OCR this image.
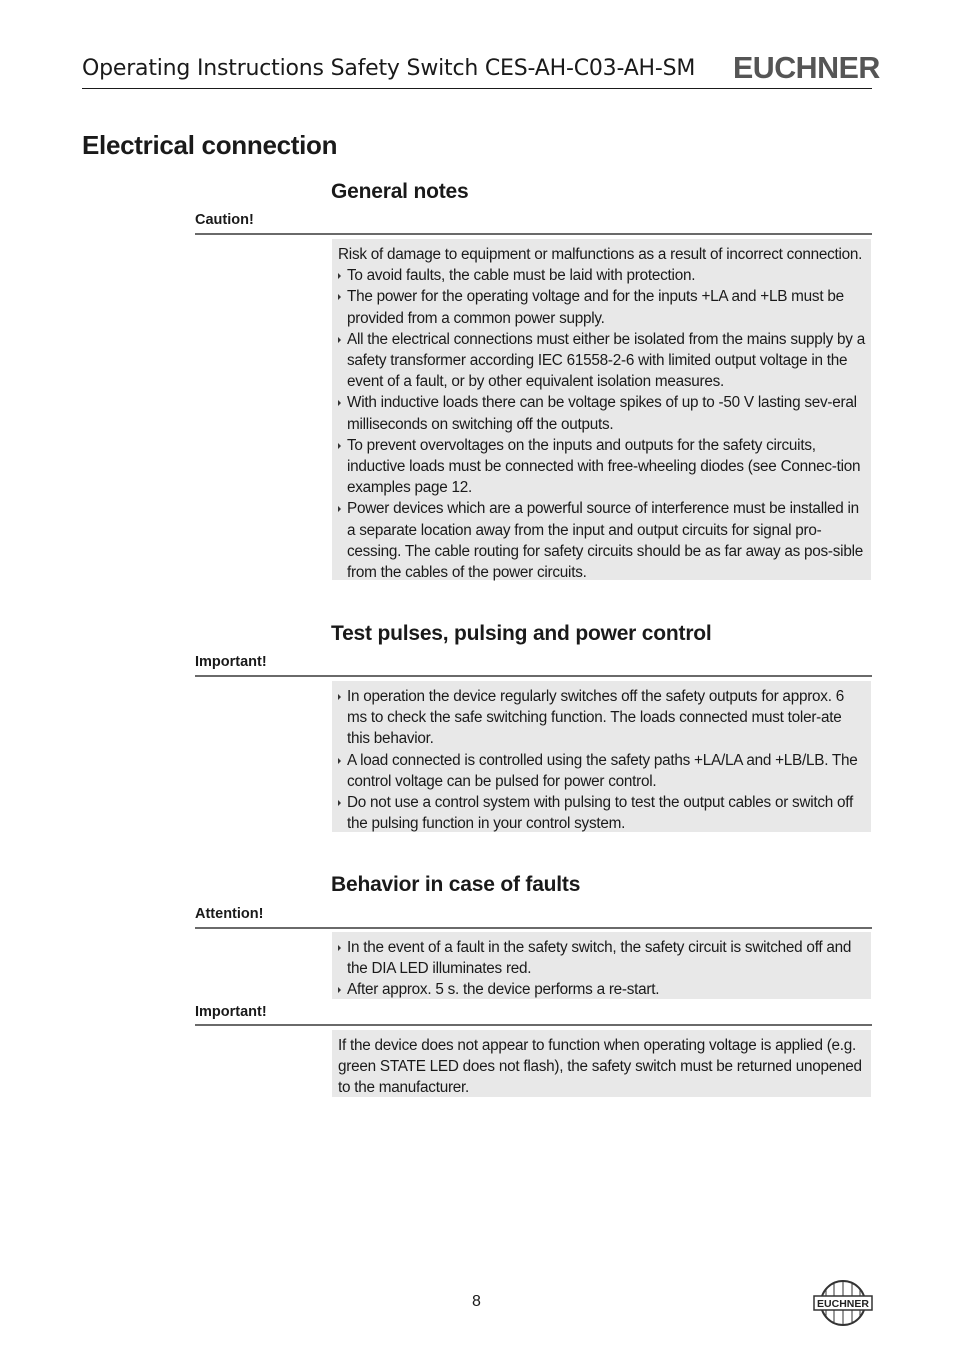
Operating Instructions Safety Switch CES-AH-C03-AH-SM EUCHNER
Electrical connection
General notes
Caution!

Risk of damage to equipment or malfunctions as a result of incorrect connection.

To avoid faults, the cable must be laid with protection.
The power for the operating voltage and for the inputs +LA and +LB must be provided from a common power supply.
All the electrical connections must either be isolated from the mains supply by a safety transformer according IEC 61558-2-6 with limited output voltage in the event of a fault, or by other equivalent isolation measures.
With inductive loads there can be voltage spikes of up to -50 V lasting sev-eral milliseconds on switching off the outputs.
To prevent overvoltages on the inputs and outputs for the safety circuits, inductive loads must be connected with free-wheeling diodes (see Connec-tion examples page 12.
Power devices which are a powerful source of interference must be installed in a separate location away from the input and output circuits for signal pro-cessing. The cable routing for safety circuits should be as far away as pos-sible from the cables of the power circuits.
Test pulses, pulsing and power control
Important!
In operation the device regularly switches off the safety outputs for approx. 6 ms to check the safe switching function. The loads connected must toler-ate this behavior.
A load connected is controlled using the safety paths +LA/LA and +LB/LB. The control voltage can be pulsed for power control.
Do not use a control system with pulsing to test the output cables or switch off the pulsing function in your control system.
Behavior in case of faults
Attention!
In the event of a fault in the safety switch, the safety circuit is switched off and the DIA LED illuminates red.
After approx. 5 s. the device performs a re-start.
Important!

If the device does not appear to function when operating voltage is applied (e.g. green STATE LED does not flash), the safety switch must be returned unopened to the manufacturer.

8	EUCHNER
